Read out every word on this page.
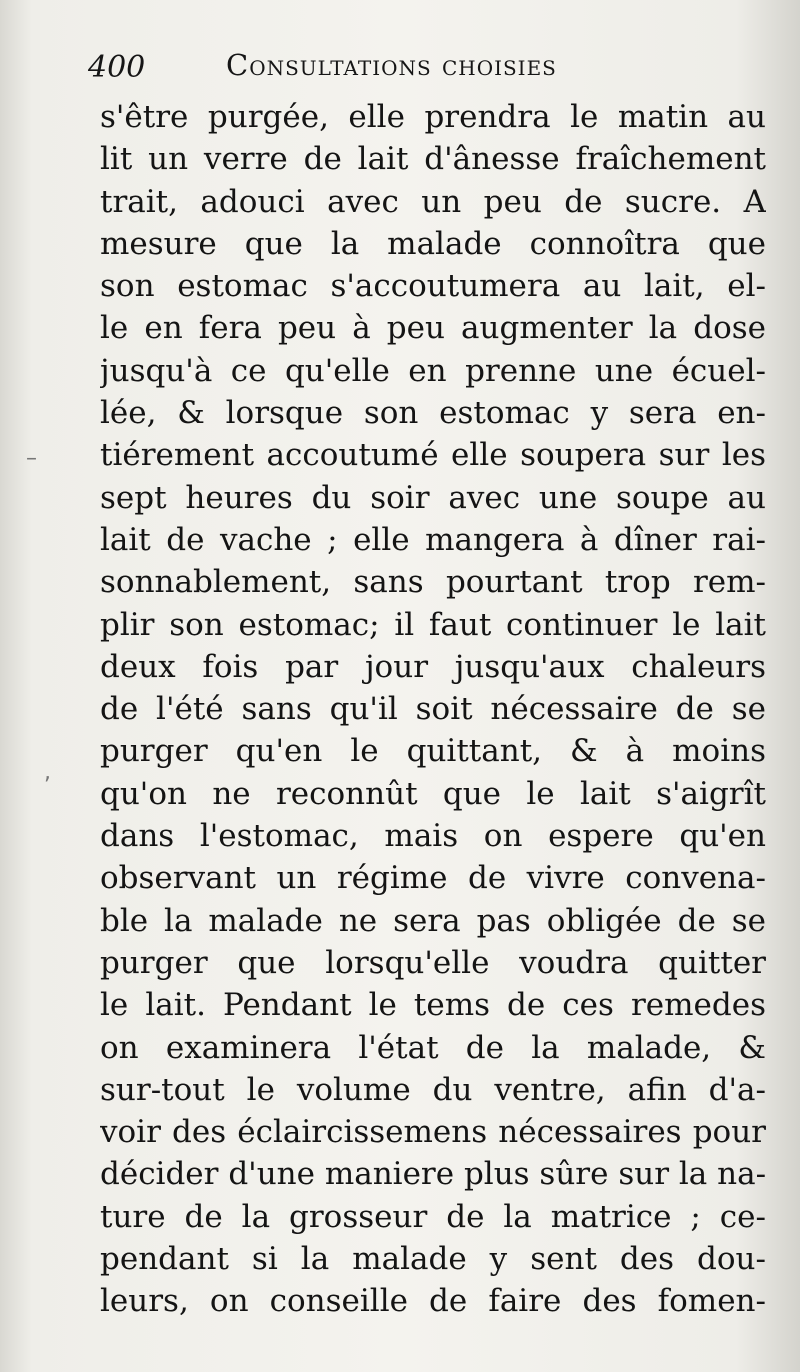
400	Consultations choisies
–
,
s'être purgée, elle prendra le matin au
lit un verre de lait d'ânesse fraîchement
trait, adouci avec un peu de sucre. A
mesure que la malade connoîtra que
son estomac s'accoutumera au lait, el-
le en fera peu à peu augmenter la dose
jusqu'à ce qu'elle en prenne une écuel-
lée, & lorsque son estomac y sera en-
tiérement accoutumé elle soupera sur les
sept heures du soir avec une soupe au
lait de vache ; elle mangera à dîner rai-
sonnablement, sans pourtant trop rem-
plir son estomac; il faut continuer le lait
deux fois par jour jusqu'aux chaleurs
de l'été sans qu'il soit nécessaire de se
purger qu'en le quittant, & à moins
qu'on ne reconnût que le lait s'aigrît
dans l'estomac, mais on espere qu'en
observant un régime de vivre convena-
ble la malade ne sera pas obligée de se
purger que lorsqu'elle voudra quitter
le lait. Pendant le tems de ces remedes
on examinera l'état de la malade, &
sur-tout le volume du ventre, afin d'a-
voir des éclaircissemens nécessaires pour
décider d'une maniere plus sûre sur la na-
ture de la grosseur de la matrice ; ce-
pendant si la malade y sent des dou-
leurs, on conseille de faire des fomen-
